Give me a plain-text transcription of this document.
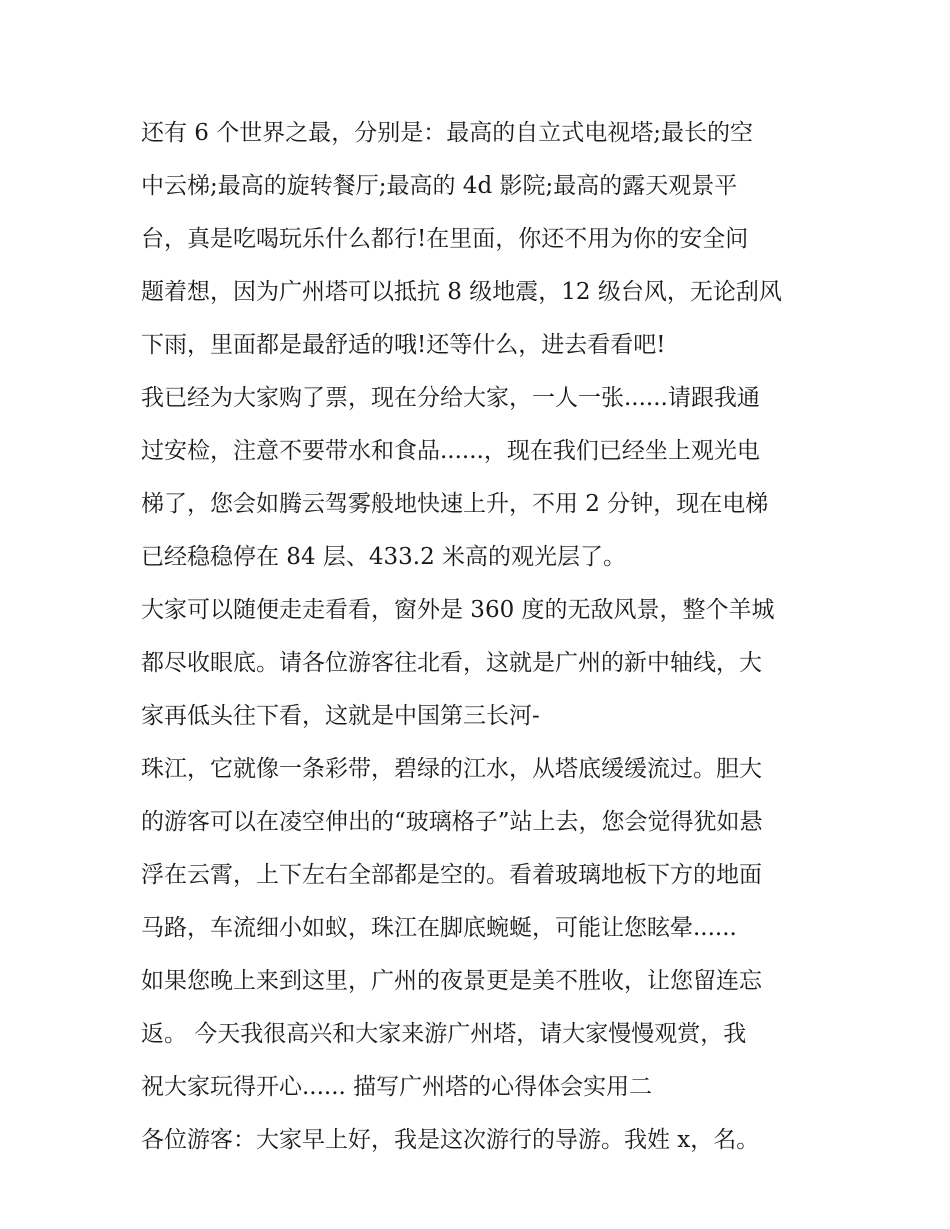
还有 6 个世界之最，分别是：最高的自立式电视塔;最长的空
中云梯;最高的旋转餐厅;最高的 4d 影院;最高的露天观景平
台，真是吃喝玩乐什么都行!在里面，你还不用为你的安全问
题着想，因为广州塔可以抵抗 8 级地震，12 级台风，无论刮风
下雨，里面都是最舒适的哦!还等什么，进去看看吧!
我已经为大家购了票，现在分给大家，一人一张......请跟我通
过安检，注意不要带水和食品......，现在我们已经坐上观光电
梯了，您会如腾云驾雾般地快速上升，不用 2 分钟，现在电梯
已经稳稳停在 84 层、433.2 米高的观光层了。
大家可以随便走走看看，窗外是 360 度的无敌风景，整个羊城
都尽收眼底。请各位游客往北看，这就是广州的新中轴线，大
家再低头往下看，这就是中国第三长河-
珠江，它就像一条彩带，碧绿的江水，从塔底缓缓流过。胆大
的游客可以在凌空伸出的“玻璃格子”站上去，您会觉得犹如悬
浮在云霄，上下左右全部都是空的。看着玻璃地板下方的地面
马路，车流细小如蚁，珠江在脚底蜿蜒，可能让您眩晕......
如果您晚上来到这里，广州的夜景更是美不胜收，让您留连忘
返。 今天我很高兴和大家来游广州塔，请大家慢慢观赏，我
祝大家玩得开心...... 描写广州塔的心得体会实用二
各位游客：大家早上好，我是这次游行的导游。我姓 x，名。
